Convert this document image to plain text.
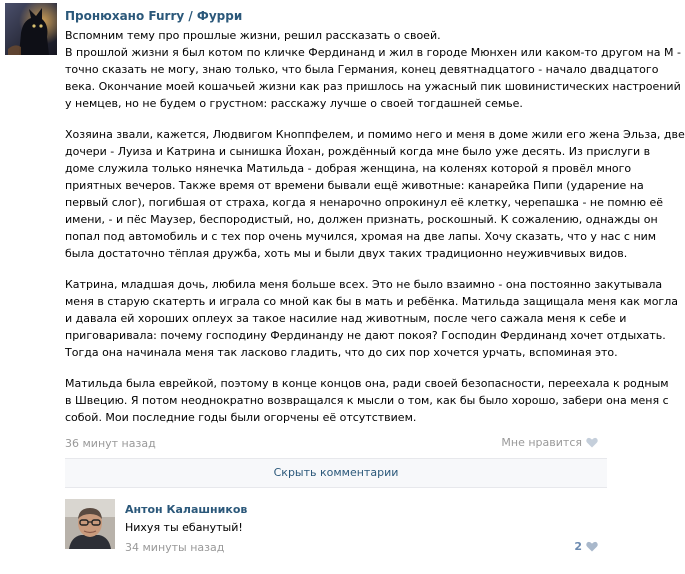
Пронюхано Furry / Фурри

Вспомним тему про прошлые жизни, решил рассказать о своей.
В прошлой жизни я был котом по кличке Фердинанд и жил в городе Мюнхен или каком-то другом на М -
точно сказать не могу, знаю только, что была Германия, конец девятнадцатого - начало двадцатого
века. Окончание моей кошачьей жизни как раз пришлось на ужасный пик шовинистических настроений
у немцев, но не будем о грустном: расскажу лучше о своей тогдашней семье.

Хозяина звали, кажется, Людвигом Кноппфелем, и помимо него и меня в доме жили его жена Эльза, две
дочери - Луиза и Катрина и сынишка Йохан, рождённый когда мне было уже десять. Из прислуги в
доме служила только нянечка Матильда - добрая женщина, на коленях которой я провёл много
приятных вечеров. Также время от времени бывали ещё животные: канарейка Пипи (ударение на
первый слог), погибшая от страха, когда я ненарочно опрокинул её клетку, черепашка - не помню её
имени, - и пёс Маузер, беспородистый, но, должен признать, роскошный. К сожалению, однажды он
попал под автомобиль и с тех пор очень мучился, хромая на две лапы. Хочу сказать, что у нас с ним
была достаточно тёплая дружба, хоть мы и были двух таких традиционно неуживчивых видов.

Катрина, младшая дочь, любила меня больше всех. Это не было взаимно - она постоянно закутывала
меня в старую скатерть и играла со мной как бы в мать и ребёнка. Матильда защищала меня как могла
и давала ей хороших оплеух за такое насилие над животным, после чего сажала меня к себе и
приговаривала: почему господину Фердинанду не дают покоя? Господин Фердинанд хочет отдыхать.
Тогда она начинала меня так ласково гладить, что до сих пор хочется урчать, вспоминая это.

Матильда была еврейкой, поэтому в конце концов она, ради своей безопасности, переехала к родным
в Швецию. Я потом неоднократно возвращался к мысли о том, как бы было хорошо, забери она меня с
собой. Мои последние годы были огорчены её отсутствием.

36 минут назад	Мне нравится
Скрыть комментарии
Антон Калашников
Нихуя ты ебанутый!
34 минуты назад	2
